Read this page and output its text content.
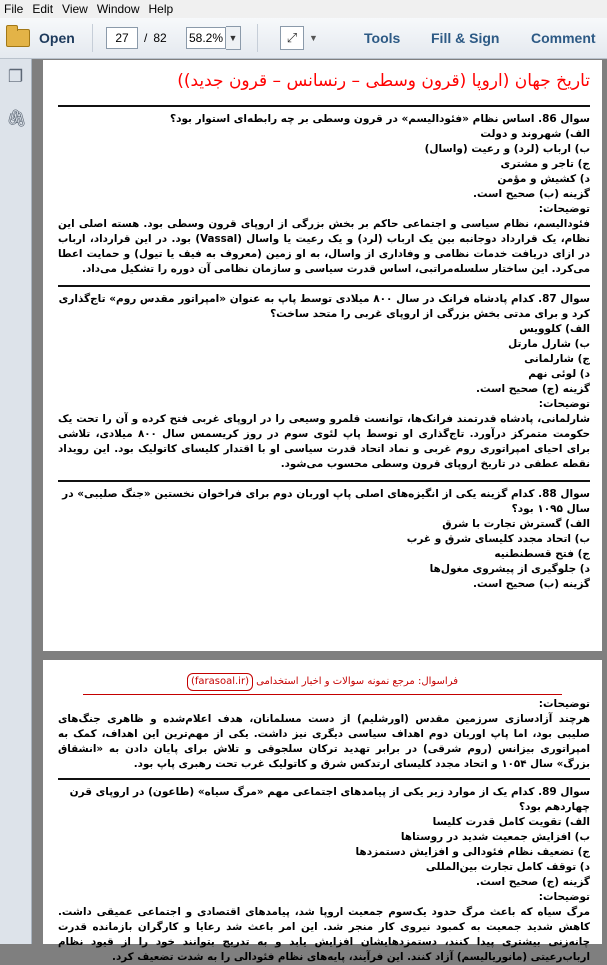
File Edit View Window Help
Open	27	/ 82 58.2% ▼	⤢	▼	Tools Fill & Sign Comment
❐
🖇
تاریخ جهان (اروپا (قرون وسطی – رنسانس – قرون جدید))
سوال 86. اساس نظام «فئودالیسم» در قرون وسطی بر چه رابطه‌ای استوار بود؟
الف) شهروند و دولت
ب) ارباب (لرد) و رعیت (واسال)
ج) تاجر و مشتری
د) کشیش و مؤمن
گزینه (ب) صحیح است.
توضیحات:
فئودالیسم، نظام سیاسی و اجتماعی حاکم بر بخش بزرگی از اروپای قرون وسطی بود. هسته اصلی این نظام، یک قرارداد دوجانبه بین یک ارباب (لرد) و یک رعیت یا واسال (Vassal) بود. در این قرارداد، ارباب در ازای دریافت خدمات نظامی و وفاداری از واسال، به او زمین (معروف به فیف یا تیول) و حمایت اعطا می‌کرد. این ساختار سلسله‌مراتبی، اساس قدرت سیاسی و سازمان نظامی آن دوره را تشکیل می‌داد.
سوال 87. کدام پادشاه فرانک در سال ۸۰۰ میلادی توسط پاپ به عنوان «امپراتور مقدس روم» تاج‌گذاری کرد و برای مدتی بخش بزرگی از اروپای غربی را متحد ساخت؟
الف) کلوویس
ب) شارل مارتل
ج) شارلمانی
د) لوئی نهم
گزینه (ج) صحیح است.
توضیحات:
شارلمانی، پادشاه قدرتمند فرانک‌ها، توانست قلمرو وسیعی را در اروپای غربی فتح کرده و آن را تحت یک حکومت متمرکز درآورد. تاج‌گذاری او توسط پاپ لئوی سوم در روز کریسمس سال ۸۰۰ میلادی، تلاشی برای احیای امپراتوری روم غربی و نماد اتحاد قدرت سیاسی او با اقتدار کلیسای کاتولیک بود. این رویداد نقطه عطفی در تاریخ اروپای قرون وسطی محسوب می‌شود.
سوال 88. کدام گزینه یکی از انگیزه‌های اصلی پاپ اوربان دوم برای فراخوان نخستین «جنگ صلیبی» در سال ۱۰۹۵ بود؟
الف) گسترش تجارت با شرق
ب) اتحاد مجدد کلیسای شرق و غرب
ج) فتح قسطنطنیه
د) جلوگیری از پیشروی مغول‌ها
گزینه (ب) صحیح است.
فراسوال: مرجع نمونه سوالات و اخبار استخدامی (farasoal.ir)
توضیحات:
هرچند آزادسازی سرزمین مقدس (اورشلیم) از دست مسلمانان، هدف اعلام‌شده و ظاهری جنگ‌های صلیبی بود، اما پاپ اوربان دوم اهداف سیاسی دیگری نیز داشت. یکی از مهم‌ترین این اهداف، کمک به امپراتوری بیزانس (روم شرقی) در برابر تهدید ترکان سلجوقی و تلاش برای پایان دادن به «انشقاق بزرگ» سال ۱۰۵۴ و اتحاد مجدد کلیسای ارتدکس شرق و کاتولیک غرب تحت رهبری پاپ بود.
سوال 89. کدام یک از موارد زیر یکی از پیامدهای اجتماعی مهم «مرگ سیاه» (طاعون) در اروپای قرن چهاردهم بود؟
الف) تقویت کامل قدرت کلیسا
ب) افزایش جمعیت شدید در روستاها
ج) تضعیف نظام فئودالی و افزایش دستمزدها
د) توقف کامل تجارت بین‌المللی
گزینه (ج) صحیح است.
توضیحات:
مرگ سیاه که باعث مرگ حدود یک‌سوم جمعیت اروپا شد، پیامدهای اقتصادی و اجتماعی عمیقی داشت. کاهش شدید جمعیت به کمبود نیروی کار منجر شد. این امر باعث شد رعایا و کارگران بازمانده قدرت چانه‌زنی بیشتری پیدا کنند، دستمزدهایشان افزایش یابد و به تدریج بتوانند خود را از قیود نظام ارباب‌رعیتی (مانوریالیسم) آزاد کنند. این فرآیند، پایه‌های نظام فئودالی را به شدت تضعیف کرد.
